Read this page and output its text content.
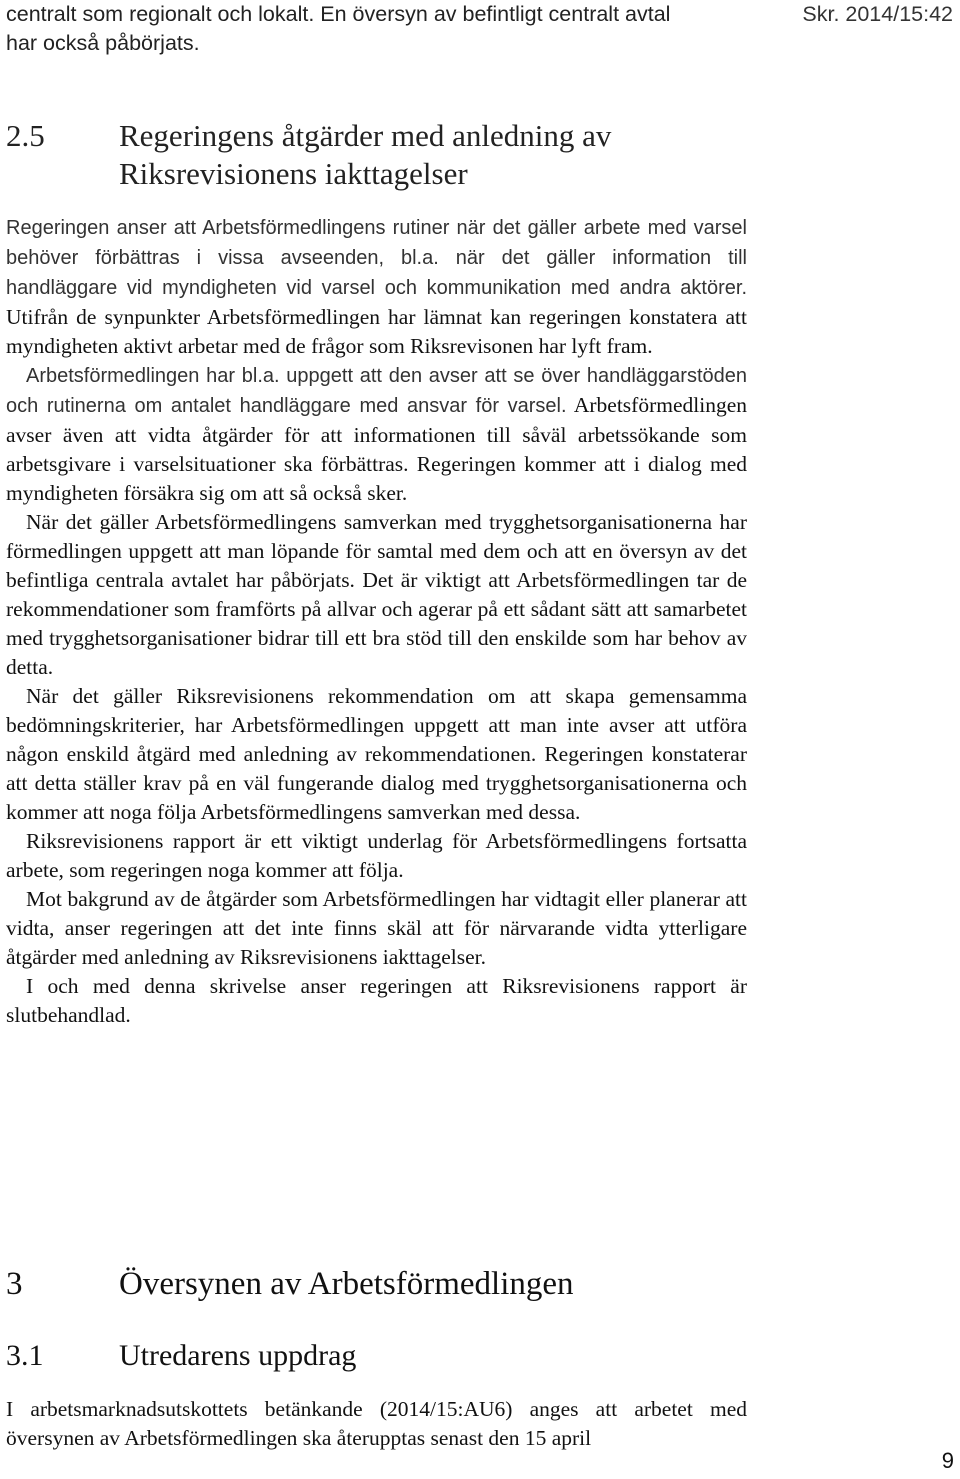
centralt som regionalt och lokalt. En översyn av befintligt centralt avtal

har också påbörjats.

Skr. 2014/15:42
2.5 Regeringens åtgärder med anledning av Riksrevisionens iakttagelser

Regeringen anser att Arbetsförmedlingens rutiner när det gäller arbete med varsel behöver förbättras i vissa avseenden, bl.a. när det gäller information till handläggare vid myndigheten vid varsel och kommunikation med andra aktörer. Utifrån de synpunkter Arbetsförmedlingen har lämnat kan regeringen konstatera att myndigheten aktivt arbetar med de frågor som Riksrevisonen har lyft fram.

Arbetsförmedlingen har bl.a. uppgett att den avser att se över handläggarstöden och rutinerna om antalet handläggare med ansvar för varsel. Arbetsförmedlingen avser även att vidta åtgärder för att informationen till såväl arbetssökande som arbetsgivare i varselsituationer ska förbättras. Regeringen kommer att i dialog med myndigheten försäkra sig om att så också sker.

När det gäller Arbetsförmedlingens samverkan med trygghetsorganisationerna har förmedlingen uppgett att man löpande för samtal med dem och att en översyn av det befintliga centrala avtalet har påbörjats. Det är viktigt att Arbetsförmedlingen tar de rekommendationer som framförts på allvar och agerar på ett sådant sätt att samarbetet med trygghetsorganisationer bidrar till ett bra stöd till den enskilde som har behov av detta.

När det gäller Riksrevisionens rekommendation om att skapa gemensamma bedömningskriterier, har Arbetsförmedlingen uppgett att man inte avser att utföra någon enskild åtgärd med anledning av rekommendationen. Regeringen konstaterar att detta ställer krav på en väl fungerande dialog med trygghetsorganisationerna och kommer att noga följa Arbetsförmedlingens samverkan med dessa.

Riksrevisionens rapport är ett viktigt underlag för Arbetsförmedlingens fortsatta arbete, som regeringen noga kommer att följa.

Mot bakgrund av de åtgärder som Arbetsförmedlingen har vidtagit eller planerar att vidta, anser regeringen att det inte finns skäl att för närvarande vidta ytterligare åtgärder med anledning av Riksrevisionens iakttagelser.

I och med denna skrivelse anser regeringen att Riksrevisionens rapport är slutbehandlad.

3	Översynen av Arbetsförmedlingen
3.1	Utredarens uppdrag

I arbetsmarknadsutskottets betänkande (2014/15:AU6) anges att arbetet med översynen av Arbetsförmedlingen ska återupptas senast den 15 april

9
